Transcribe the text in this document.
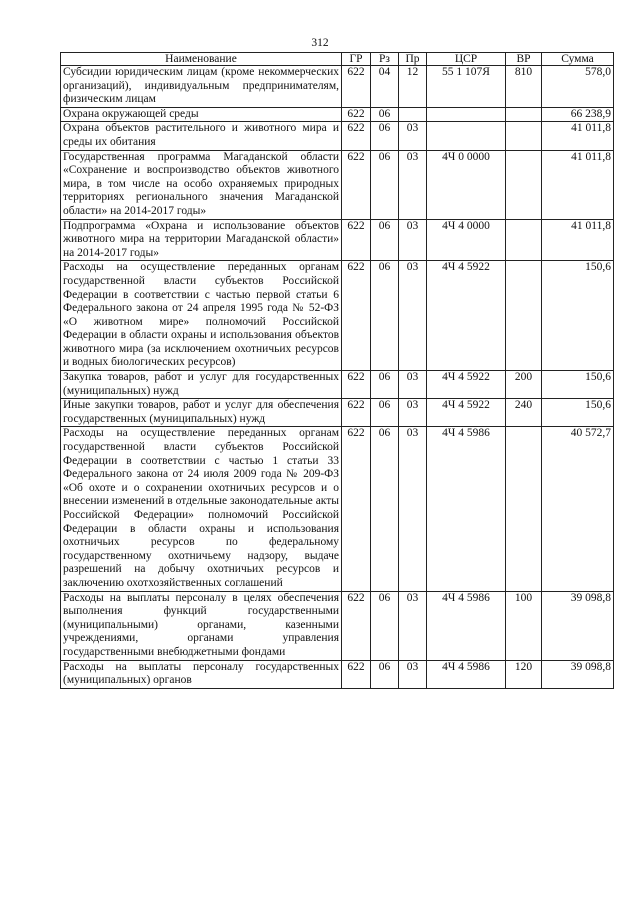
312
Наименование	ГР	Рз	Пр	ЦСР	ВР	Сумма
Субсидии юридическим лицам (кроме некоммерческих организаций), индивидуальным предпринимателям, физическим лицам	622	04	12	55 1 107Я	810	578,0
Охрана окружающей среды	622	06				66 238,9
Охрана объектов растительного и животного мира и среды их обитания	622	06	03			41 011,8
Государственная программа Магаданской области «Сохранение и воспроизводство объектов животного мира, в том числе на особо охраняемых природных территориях регионального значения Магаданской области» на 2014-2017 годы»	622	06	03	4Ч 0 0000		41 011,8
Подпрограмма «Охрана и использование объектов животного мира на территории Магаданской области» на 2014-2017 годы»	622	06	03	4Ч 4 0000		41 011,8
Расходы на осуществление переданных органам государственной власти субъектов Российской Федерации в соответствии с частью первой статьи 6 Федерального закона от 24 апреля 1995 года № 52-ФЗ «О животном мире» полномочий Российской Федерации в области охраны и использования объектов животного мира (за исключением охотничьих ресурсов и водных биологических ресурсов)	622	06	03	4Ч 4 5922		150,6
Закупка товаров, работ и услуг для государственных (муниципальных) нужд	622	06	03	4Ч 4 5922	200	150,6
Иные закупки товаров, работ и услуг для обеспечения государственных (муниципальных) нужд	622	06	03	4Ч 4 5922	240	150,6
Расходы на осуществление переданных органам государственной власти субъектов Российской Федерации в соответствии с частью 1 статьи 33 Федерального закона от 24 июля 2009 года № 209-ФЗ «Об охоте и о сохранении охотничьих ресурсов и о внесении изменений в отдельные законодательные акты Российской Федерации» полномочий Российской Федерации в области охраны и использования охотничьих ресурсов по федеральному государственному охотничьему надзору, выдаче разрешений на добычу охотничьих ресурсов и заключению охотхозяйственных соглашений	622	06	03	4Ч 4 5986		40 572,7
Расходы на выплаты персоналу в целях обеспечения выполнения функций государственными (муниципальными) органами, казенными учреждениями, органами управления государственными внебюджетными фондами	622	06	03	4Ч 4 5986	100	39 098,8
Расходы на выплаты персоналу государственных (муниципальных) органов	622	06	03	4Ч 4 5986	120	39 098,8
